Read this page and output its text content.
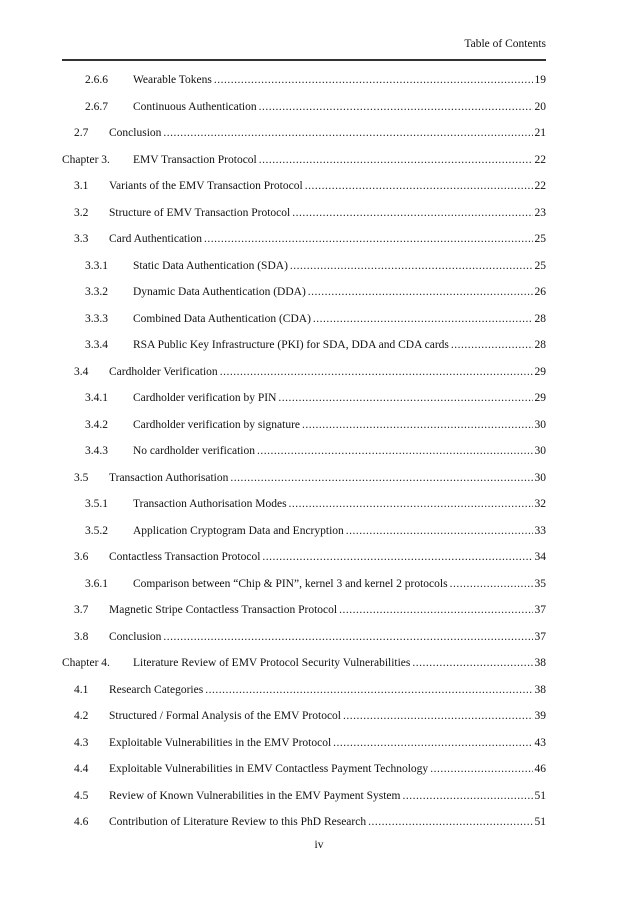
Table of Contents
2.6.6 Wearable Tokens .....	19
2.6.7 Continuous Authentication .....	20
2.7 Conclusion .....	21
Chapter 3. EMV Transaction Protocol .....	22
3.1 Variants of the EMV Transaction Protocol .....	22
3.2 Structure of EMV Transaction Protocol .....	23
3.3 Card Authentication .....	25
3.3.1 Static Data Authentication (SDA) .....	25
3.3.2 Dynamic Data Authentication (DDA) .....	26
3.3.3 Combined Data Authentication (CDA) .....	28
3.3.4 RSA Public Key Infrastructure (PKI) for SDA, DDA and CDA cards .....	28
3.4 Cardholder Verification .....	29
3.4.1 Cardholder verification by PIN .....	29
3.4.2 Cardholder verification by signature .....	30
3.4.3 No cardholder verification .....	30
3.5 Transaction Authorisation .....	30
3.5.1 Transaction Authorisation Modes .....	32
3.5.2 Application Cryptogram Data and Encryption .....	33
3.6 Contactless Transaction Protocol .....	34
3.6.1 Comparison between “Chip & PIN”, kernel 3 and kernel 2 protocols .....	35
3.7 Magnetic Stripe Contactless Transaction Protocol .....	37
3.8 Conclusion .....	37
Chapter 4. Literature Review of EMV Protocol Security Vulnerabilities .....	38
4.1 Research Categories .....	38
4.2 Structured / Formal Analysis of the EMV Protocol .....	39
4.3 Exploitable Vulnerabilities in the EMV Protocol .....	43
4.4 Exploitable Vulnerabilities in EMV Contactless Payment Technology .....	46
4.5 Review of Known Vulnerabilities in the EMV Payment System .....	51
4.6 Contribution of Literature Review to this PhD Research .....	51
iv
